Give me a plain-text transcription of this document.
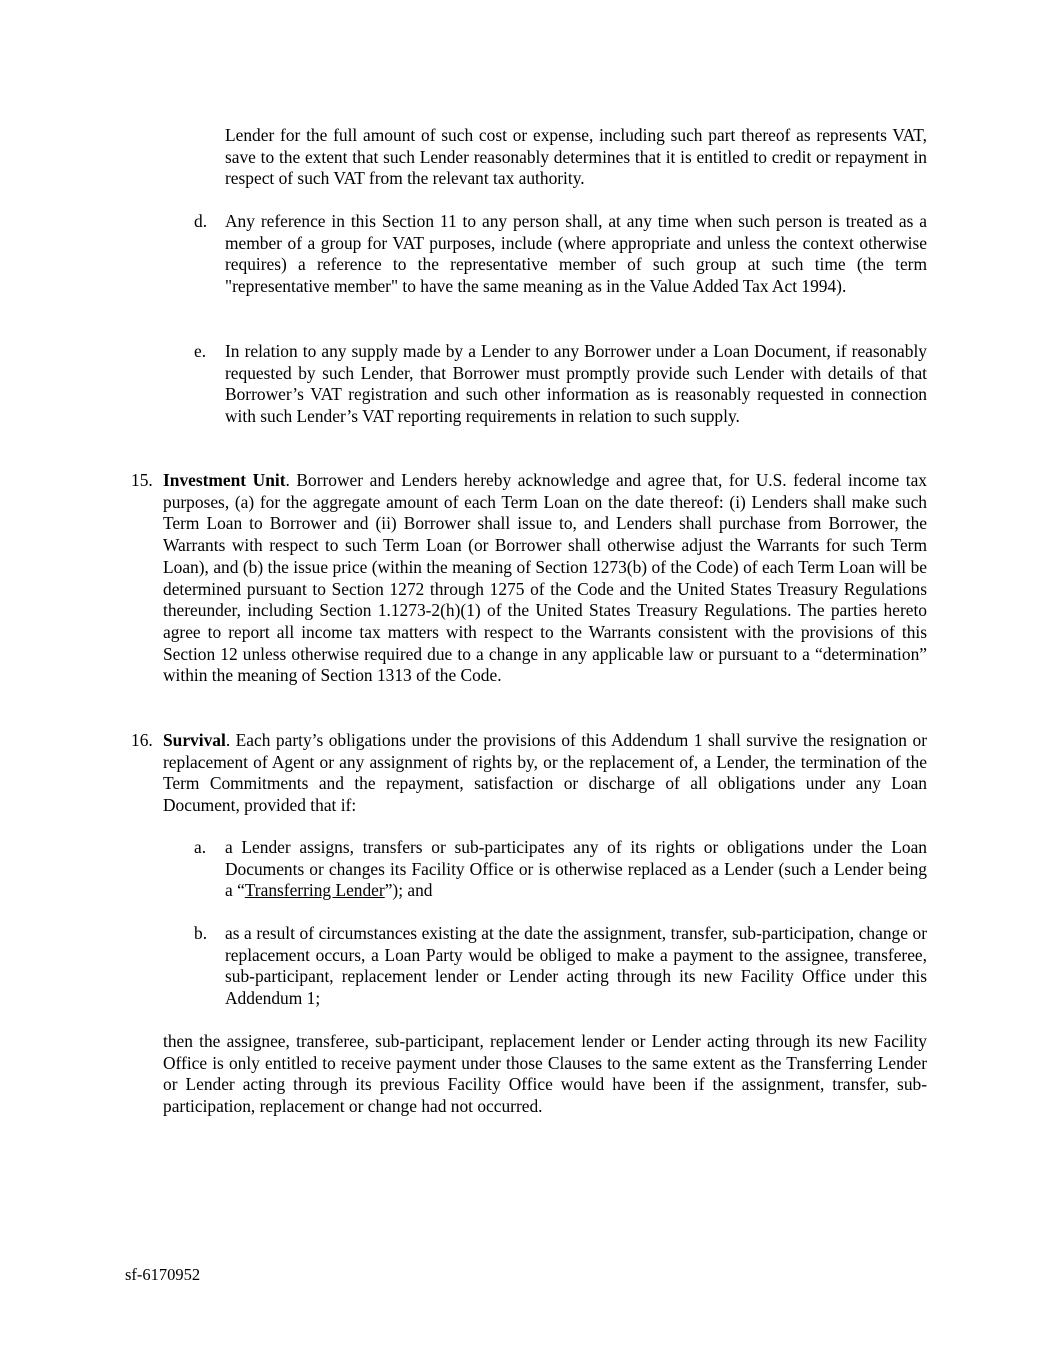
Lender for the full amount of such cost or expense, including such part thereof as represents VAT, save to the extent that such Lender reasonably determines that it is entitled to credit or repayment in respect of such VAT from the relevant tax authority.

d. Any reference in this Section 11 to any person shall, at any time when such person is treated as a member of a group for VAT purposes, include (where appropriate and unless the context otherwise requires) a reference to the representative member of such group at such time (the term "representative member" to have the same meaning as in the Value Added Tax Act 1994).

e. In relation to any supply made by a Lender to any Borrower under a Loan Document, if reasonably requested by such Lender, that Borrower must promptly provide such Lender with details of that Borrower’s VAT registration and such other information as is reasonably requested in connection with such Lender’s VAT reporting requirements in relation to such supply.

15. Investment Unit. Borrower and Lenders hereby acknowledge and agree that, for U.S. federal income tax purposes, (a) for the aggregate amount of each Term Loan on the date thereof: (i) Lenders shall make such Term Loan to Borrower and (ii) Borrower shall issue to, and Lenders shall purchase from Borrower, the Warrants with respect to such Term Loan (or Borrower shall otherwise adjust the Warrants for such Term Loan), and (b) the issue price (within the meaning of Section 1273(b) of the Code) of each Term Loan will be determined pursuant to Section 1272 through 1275 of the Code and the United States Treasury Regulations thereunder, including Section 1.1273-2(h)(1) of the United States Treasury Regulations. The parties hereto agree to report all income tax matters with respect to the Warrants consistent with the provisions of this Section 12 unless otherwise required due to a change in any applicable law or pursuant to a “determination” within the meaning of Section 1313 of the Code.

16. Survival. Each party’s obligations under the provisions of this Addendum 1 shall survive the resignation or replacement of Agent or any assignment of rights by, or the replacement of, a Lender, the termination of the Term Commitments and the repayment, satisfaction or discharge of all obligations under any Loan Document, provided that if:

a. a Lender assigns, transfers or sub-participates any of its rights or obligations under the Loan Documents or changes its Facility Office or is otherwise replaced as a Lender (such a Lender being a “Transferring Lender”); and

b. as a result of circumstances existing at the date the assignment, transfer, sub-participation, change or replacement occurs, a Loan Party would be obliged to make a payment to the assignee, transferee, sub-participant, replacement lender or Lender acting through its new Facility Office under this Addendum 1;

then the assignee, transferee, sub-participant, replacement lender or Lender acting through its new Facility Office is only entitled to receive payment under those Clauses to the same extent as the Transferring Lender or Lender acting through its previous Facility Office would have been if the assignment, transfer, sub-participation, replacement or change had not occurred.

sf-6170952
